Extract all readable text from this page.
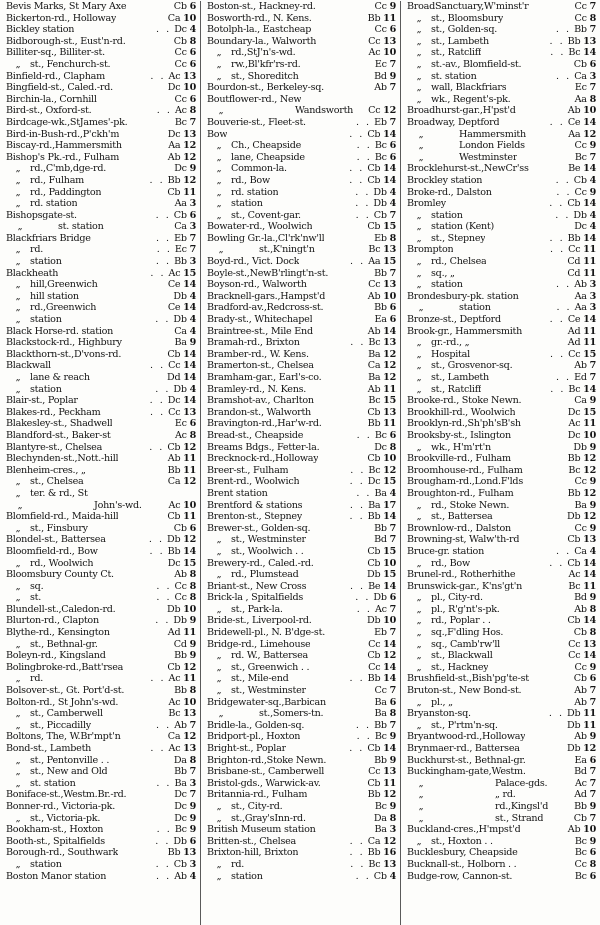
Bevis Marks, St Mary Axe	Cb 6
Bickerton-rd., Holloway	Ca 10
Bickley station	. . Dc 4
Bidborough-st., Eust'n-rd.	Cb 8
Billiter-sq., Billiter-st.	Cc 6
„ st., Fenchurch-st.	Cc 6
Binfield-rd., Clapham	. . Ac 13
Bingfield-st., Caled.-rd.	Dc 10
Birchin-la., Cornhill	Cc 6
Bird-st., Oxford-st.	. . Ac 8
Birdcage-wk.,StJames'-pk.	Bc 7
Bird-in-Bush-rd.,P'ckh'm	Dc 13
Biscay-rd.,Hammersmith	Aa 12
Bishop's Pk.-rd., Fulham	Ab 12
„ rd.,C'mb,dge-rd.	Dc 9
„ rd., Fulham	. . Bb 12
„ rd., Paddington	Cb 11
„ rd. station	Aa 3
Bishopsgate-st.	. . Cb 6
„	st. station	Ca 3
Blackfriars Bridge	. . Eb 7
„ rd.	. . Ec 7
„ station	. . Bb 3
Blackheath	. . Ac 15
„ hill,Greenwich	Ce 14
„ hill station	Db 4
„ rd.,Greenwich	Ce 14
„ station	. . Db 4
Black Horse-rd. station	Ca 4
Blackstock-rd., Highbury	Ba 9
Blackthorn-st.,D'vons-rd.	Cb 14
Blackwall	. . Cc 14
„ lane & reach	Dd 14
„ station	. . Db 4
Blair-st., Poplar	. . Dc 14
Blakes-rd., Peckham	. . Cc 13
Blakesley-st., Shadwell	Ec 6
Blandford-st., Baker-st	Ac 8
Blantyre-st., Chelsea	. . Cb 12
Blechynden-st.,Nott.-hill	Ab 11
Blenheim-cres., „	Bb 11
„ st., Chelsea	Ca 12
„ ter. & rd., St
„	John's-wd.	Ac 10
Blomfield-rd., Maida-hill	Cb 11
„ st., Finsbury	Cb 6
Blondel-st., Battersea	. . Db 12
Bloomfield-rd., Bow	. . Bb 14
„ rd., Woolwich	Dc 15
Bloomsbury County Ct.	Ab 8
„ sq.	. . Cc 8
„ st.	. . Cc 8
Blundell-st.,Caledon-rd.	Db 10
Blurton-rd., Clapton	. . Db 9
Blythe-rd., Kensington	Ad 11
„ st., Bethnal-gr.	Cd 9
Boleyn-rd., Kingsland	Bb 9
Bolingbroke-rd.,Batt'rsea	Cb 12
„ rd.	. . Ac 11
Bolsover-st., Gt. Port'd-st.	Bb 8
Bolton-rd., St John's-wd.	Ac 10
„ st., Camberwell	Bc 13
„ st., Piccadilly	. . Ab 7
Boltons, The, W.Br'mpt'n	Ca 12
Bond-st., Lambeth	. . Ac 13
„ st., Pentonville . .	Da 8
„ st., New and Old	Bb 7
„ st. station	. . Ba 3
Boniface-st.,Westm.Br.-rd.	Dc 7
Bonner-rd., Victoria-pk.	Dc 9
„ st., Victoria-pk.	Dc 9
Bookham-st., Hoxton	. . Bc 9
Booth-st., Spitalfields	. . Db 6
Borough-rd., Southwark	Bb 13
„ station	. . Cb 3
Boston Manor station	. . Ab 4
Boston-st., Hackney-rd.	Cc 9
Bosworth-rd., N. Kens.	Bb 11
Botolph-la., Eastcheap	Cc 6
Boundary-la., Walworth	Cc 13
„ rd.,StJ'n's-wd.	Ac 10
„ rw.,Bl'kfr'rs-rd.	Ec 7
„ st., Shoreditch	Bd 9
Bourdon-st., Berkeley-sq.	Ab 7
Boutflower-rd., New
„	Wandsworth Cc 12
Bouverie-st., Fleet-st.	. . Eb 7
Bow	. . Cb 14
„ Ch., Cheapside	. . Bc 6
„ lane, Cheapside	. . Bc 6
„ Common-la.	. . Cb 14
„ rd., Bow	. . Cb 14
„ rd. station	. . Db 4
„ station	. . Db 4
„ st., Covent-gar.	. . Cb 7
Bowater-rd., Woolwich	Cb 15
Bowling Gr.-la.,Cl'rk'nw'll	Eb 8
„	st.,K'ningt'n	Bc 13
Boyd-rd., Vict. Dock	. . Aa 15
Boyle-st.,NewB'rlingt'n-st.	Bb 7
Boyson-rd., Walworth	Cc 13
Bracknell-gars.,Hampst'd	Ab 10
Bradford-av.,Redcross-st.	Bb 6
Brady-st., Whitechapel	Ea 6
Braintree-st., Mile End	Ab 14
Bramah-rd., Brixton	. . Bc 13
Bramber-rd., W. Kens.	Ba 12
Bramerton-st., Chelsea	Ca 12
Bramham-gar., Earl's-co.	Ba 12
Bramley-rd., N. Kens.	Ab 11
Bramshot-av., Charlton	Bc 15
Brandon-st., Walworth	Cb 13
Bravington-rd.,Har'w-rd.	Bb 11
Bread-st., Cheapside	. . Bc 6
Breams Bdgs., Fetter-la.	Dc 8
Brecknock-rd.,Holloway	Cb 10
Breer-st., Fulham	. . Bc 12
Brent-rd., Woolwich	. . Dc 15
Brent station	. . Ba 4
Brentford & stations	. . Ba 17
Brenton-st., Stepney	. . Bb 14
Brewer-st., Golden-sq.	Bb 7
„ st., Westminster	Bd 7
„ st., Woolwich . .	Cb 15
Brewery-rd., Caled.-rd.	Cb 10
„ rd., Plumstead	Db 15
Briant-st., New Cross	. . Be 14
Brick-la , Spitalfields	. . Db 6
„ st., Park-la.	. . Ac 7
Bride-st., Liverpool-rd.	Db 10
Bridewell-pl., N. B'dge-st.	Eb 7
Bridge-rd., Limehouse	Cc 14
„ rd. W., Battersea	Cb 12
„ st., Greenwich . .	Cc 14
„ st., Mile-end	. . Bb 14
„ st., Westminster	Cc 7
Bridgewater-sq.,Barbican	Ba 6
„	st.,Somers-tn.	Ba 8
Bridle-la., Golden-sq.	. . Bb 7
Bridport-pl., Hoxton	. . Bc 9
Bright-st., Poplar	. . Cb 14
Brighton-rd.,Stoke Newn.	Bb 9
Brisbane-st., Camberwell	Cc 13
Bristol-gds., Warwick-av.	Cb 11
Britannia-rd., Fulham	Bb 12
„ st., City-rd.	Bc 9
„ st.,Gray'sInn-rd.	Da 8
British Museum station	Ba 3
Britten-st., Chelsea	. . Ca 12
Brixton-hill, Brixton	. . Bb 16
„ rd.	. . Bc 13
„ station	. . Cb 4
BroadSanctuary,W'minst'r	Cc 7
„ st., Bloomsbury	Cc 8
„ st., Golden-sq.	. . Bb 7
„ st., Lambeth	. . Bb 13
„ st., Ratcliff	. . Bc 14
„ st.-av., Blomfield-st.	Cb 6
„ st. station	. . Ca 3
„ wall, Blackfriars	Ec 7
„ wk., Regent's-pk.	Aa 8
Broadhurst-gar.,H'pst'd	Ab 10
Broadway, Deptford	. . Ce 14
„	Hammersmith	Aa 12
„	London Fields	Cc 9
„	Westminster	Bc 7
Brocklehurst-st.,NewCr'ss	Be 14
Brockley station	. . Cb 4
Broke-rd., Dalston	. . Cc 9
Bromley	. . Cb 14
„ station	. . Db 4
„ station (Kent)	Dc 4
„ st., Stepney	. . Bb 14
Brompton	. . Cc 11
„ rd., Chelsea	Cd 11
„ sq., „	Cd 11
„ station	. . Ab 3
Brondesbury-pk. station	Aa 3
„	station	. . Aa 3
Bronze-st., Deptford	. . Ce 14
Brook-gr., Hammersmith	Ad 11
„ gr.-rd., „	Ad 11
„ Hospital	. . Cc 15
„ st., Grosvenor-sq.	Ab 7
„ st., Lambeth	. . Ed 7
„ st., Ratcliff	. . Bc 14
Brooke-rd., Stoke Newn.	Ca 9
Brookhill-rd., Woolwich	Dc 15
Brooklyn-rd.,Sh'ph'sB'sh	Ac 11
Brooksby-st., Islington	Dc 10
„ wk., H'm'rt'n	Db 9
Brookville-rd., Fulham	Bb 12
Broomhouse-rd., Fulham	Bc 12
Brougham-rd.,Lond.F'lds	Cc 9
Broughton-rd., Fulham	Bb 12
„ rd., Stoke Newn.	Ba 9
„ st., Battersea	Db 12
Brownlow-rd., Dalston	Cc 9
Browning-st, Walw'th-rd	Cb 13
Bruce-gr. station	. . Ca 4
„ rd., Bow	. . Cb 14
Brunel-rd., Rotherhithe	Ac 14
Brunswick-gar., K'ns'gt'n	Bc 11
„ pl., City-rd.	Bd 9
„ pl., R'g'nt's-pk.	Ab 8
„ rd., Poplar . .	Cb 14
„ sq.,F'dling Hos.	Cb 8
„ sq., Camb'rw'll	Cc 13
„ st., Blackwall	Cc 14
„ st., Hackney	Cc 9
Brushfield-st.,Bish'pg'te-st	Cb 6
Bruton-st., New Bond-st.	Ab 7
„ pl., „	Ab 7
Bryanston-sq.	. . Db 11
„ st., P'rtm'n-sq.	Db 11
Bryantwood-rd.,Holloway	Ab 9
Brynmaer-rd., Battersea	Db 12
Buckhurst-st., Bethnal-gr.	Ea 6
Buckingham-gate,Westm.	Bd 7
„	Palace-gds.	Ac 7
„	„ rd.	Ad 7
„	rd.,Kingsl'd	Bb 9
„	st., Strand	Cb 7
Buckland-cres.,H'mpst'd	Ab 10
„ st., Hoxton . .	Bc 9
Bucklesbury, Cheapside	Bc 6
Bucknall-st., Holborn . .	Cc 8
Budge-row, Cannon-st.	Bc 6
